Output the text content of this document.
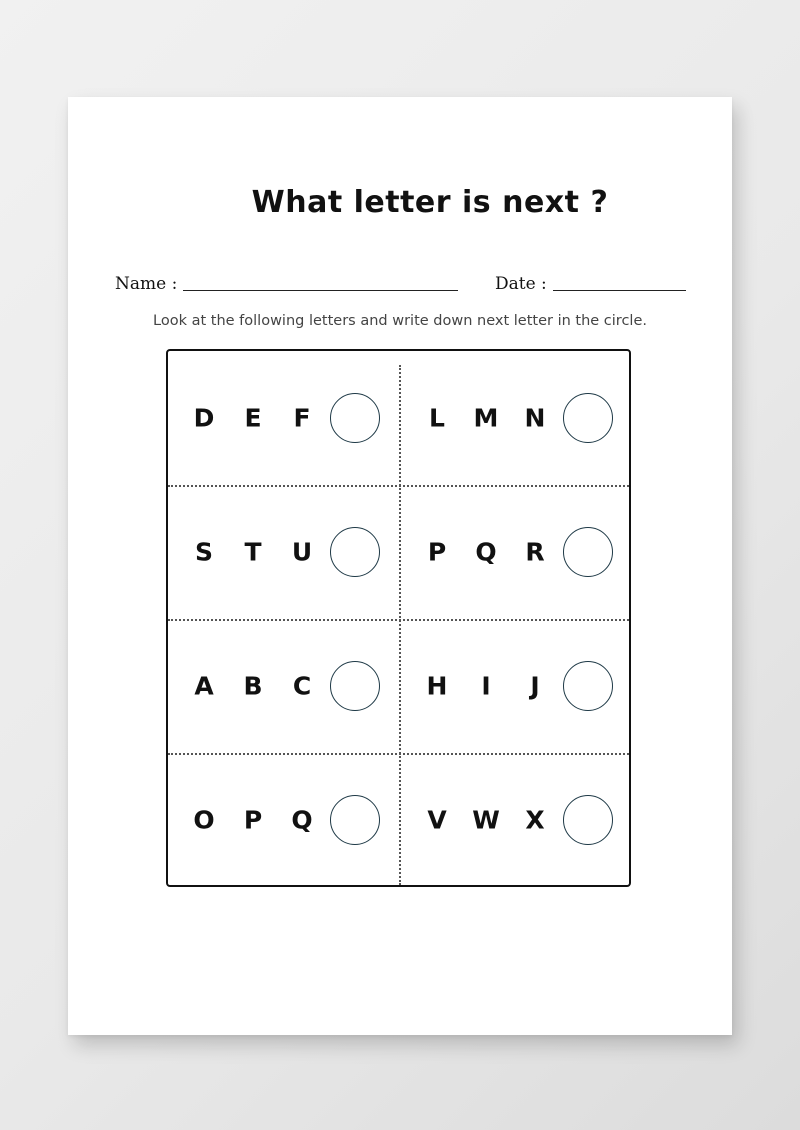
What letter is next ?
Name :	Date :
Look at the following letters and write down next letter in the circle.
D E F	L M N
S T U	P Q R
A B C	H I J
O P Q	V W X
